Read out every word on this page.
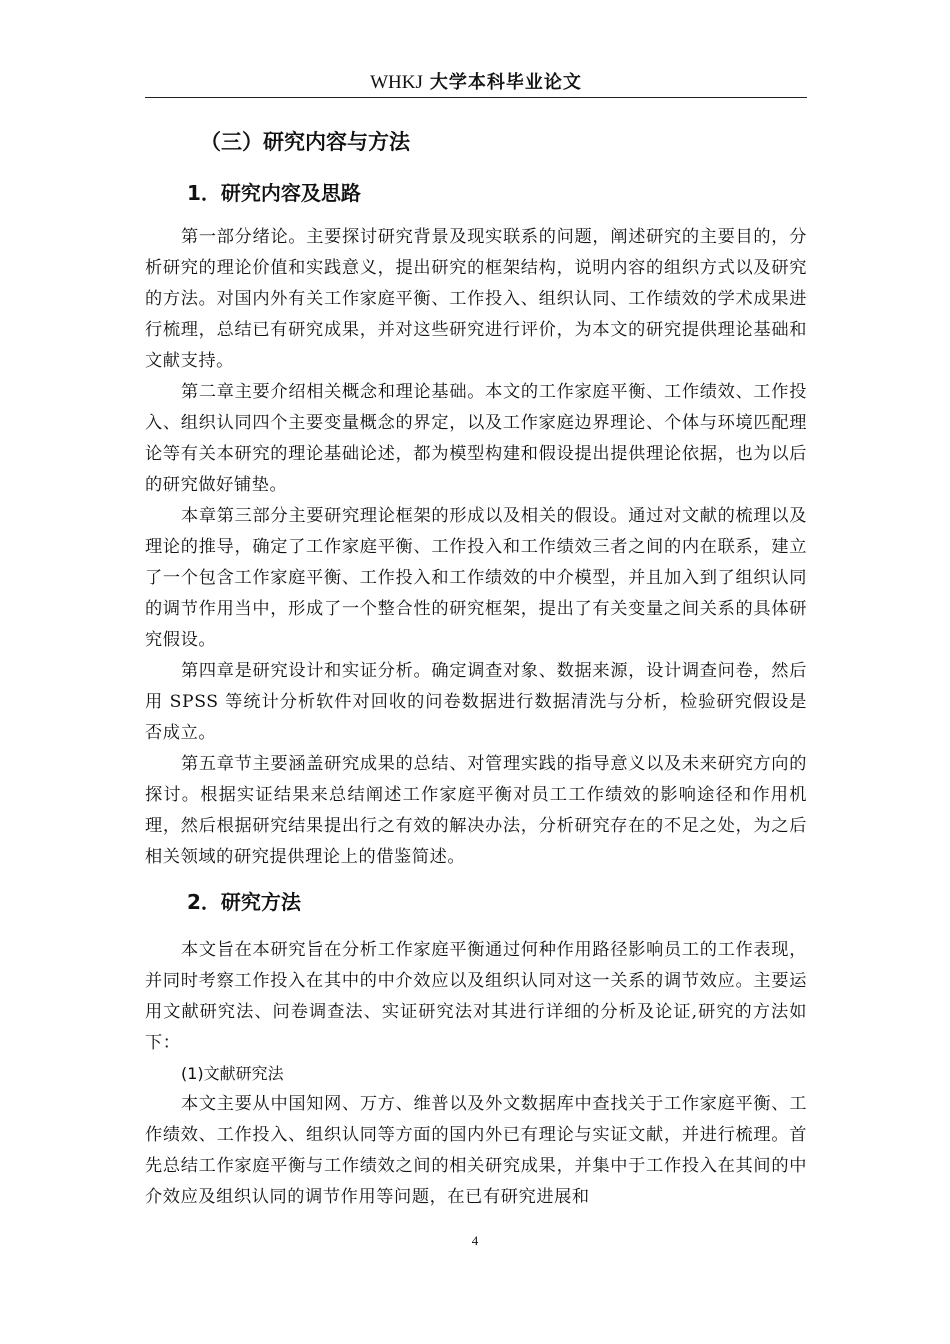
WHKJ 大学本科毕业论文
（三）研究内容与方法
1．研究内容及思路

第一部分绪论。主要探讨研究背景及现实联系的问题，阐述研究的主要目的，分析研究的理论价值和实践意义，提出研究的框架结构，说明内容的组织方式以及研究的方法。对国内外有关工作家庭平衡、工作投入、组织认同、工作绩效的学术成果进行梳理，总结已有研究成果，并对这些研究进行评价，为本文的研究提供理论基础和文献支持。

第二章主要介绍相关概念和理论基础。本文的工作家庭平衡、工作绩效、工作投入、组织认同四个主要变量概念的界定，以及工作家庭边界理论、个体与环境匹配理论等有关本研究的理论基础论述，都为模型构建和假设提出提供理论依据，也为以后的研究做好铺垫。

本章第三部分主要研究理论框架的形成以及相关的假设。通过对文献的梳理以及理论的推导，确定了工作家庭平衡、工作投入和工作绩效三者之间的内在联系，建立了一个包含工作家庭平衡、工作投入和工作绩效的中介模型，并且加入到了组织认同的调节作用当中，形成了一个整合性的研究框架，提出了有关变量之间关系的具体研究假设。

第四章是研究设计和实证分析。确定调查对象、数据来源，设计调查问卷，然后用 SPSS 等统计分析软件对回收的问卷数据进行数据清洗与分析，检验研究假设是否成立。

第五章节主要涵盖研究成果的总结、对管理实践的指导意义以及未来研究方向的探讨。根据实证结果来总结阐述工作家庭平衡对员工工作绩效的影响途径和作用机理，然后根据研究结果提出行之有效的解决办法，分析研究存在的不足之处，为之后相关领域的研究提供理论上的借鉴简述。

2．研究方法

本文旨在本研究旨在分析工作家庭平衡通过何种作用路径影响员工的工作表现，并同时考察工作投入在其中的中介效应以及组织认同对这一关系的调节效应。主要运用文献研究法、问卷调查法、实证研究法对其进行详细的分析及论证,研究的方法如下：

(1)文献研究法

本文主要从中国知网、万方、维普以及外文数据库中查找关于工作家庭平衡、工作绩效、工作投入、组织认同等方面的国内外已有理论与实证文献，并进行梳理。首先总结工作家庭平衡与工作绩效之间的相关研究成果，并集中于工作投入在其间的中介效应及组织认同的调节作用等问题，在已有研究进展和

4
